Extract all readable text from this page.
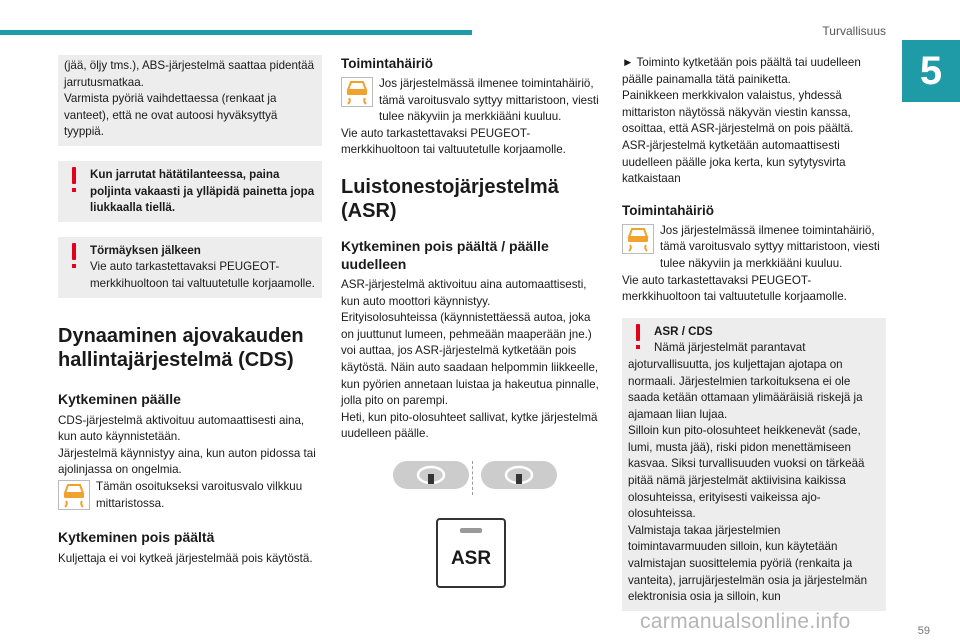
Turvallisuus
5

(jää, öljy tms.), ABS-järjestelmä saattaa pidentää jarrutusmatkaa.

Varmista pyöriä vaihdettaessa (renkaat ja vanteet), että ne ovat autoosi hyväksyttyä tyyppiä.

Kun jarrutat hätätilanteessa, paina poljinta vakaasti ja ylläpidä painetta jopa liukkaalla tiellä.

Törmäyksen jälkeen

Vie auto tarkastettavaksi PEUGEOT-merkkihuoltoon tai valtuutetulle korjaamolle.

Dynaaminen ajovakauden hallintajärjestelmä (CDS)
Kytkeminen päälle

CDS-järjestelmä aktivoituu automaattisesti aina, kun auto käynnistetään.

Järjestelmä käynnistyy aina, kun auton pidossa tai ajolinjassa on ongelmia.

Tämän osoitukseksi varoitusvalo vilkkuu mittaristossa.

Kytkeminen pois päältä

Kuljettaja ei voi kytkeä järjestelmää pois käytöstä.

Toimintahäiriö

Jos järjestelmässä ilmenee toimintahäiriö, tämä varoitusvalo syttyy mittaristoon, viesti tulee näkyviin ja merkkiääni kuuluu.

Vie auto tarkastettavaksi PEUGEOT-merkkihuoltoon tai valtuutetulle korjaamolle.

Luistonestojärjestelmä (ASR)
Kytkeminen pois päältä / päälle uudelleen

ASR-järjestelmä aktivoituu aina automaattisesti, kun auto moottori käynnistyy.

Erityisolosuhteissa (käynnistettäessä autoa, joka on juuttunut lumeen, pehmeään maaperään jne.) voi auttaa, jos ASR-järjestelmä kytketään pois käytöstä. Näin auto saadaan helpommin liikkeelle, kun pyörien annetaan luistaa ja hakeutua pinnalle, jolla pito on parempi.

Heti, kun pito-olosuhteet sallivat, kytke järjestelmä uudelleen päälle.

ASR

► Toiminto kytketään pois päältä tai uudelleen päälle painamalla tätä painiketta.

Painikkeen merkkivalon valaistus, yhdessä mittariston näytössä näkyvän viestin kanssa, osoittaa, että ASR-järjestelmä on pois päältä.

ASR-järjestelmä kytketään automaattisesti uudelleen päälle joka kerta, kun sytytysvirta katkaistaan

Toimintahäiriö

Jos järjestelmässä ilmenee toimintahäiriö, tämä varoitusvalo syttyy mittaristoon, viesti tulee näkyviin ja merkkiääni kuuluu.

Vie auto tarkastettavaksi PEUGEOT-merkkihuoltoon tai valtuutetulle korjaamolle.

ASR / CDS

Nämä järjestelmät parantavat ajoturvallisuutta, jos kuljettajan ajotapa on normaali. Järjestelmien tarkoituksena ei ole saada ketään ottamaan ylimääräisiä riskejä ja ajamaan liian lujaa.

Silloin kun pito-olosuhteet heikkenevät (sade, lumi, musta jää), riski pidon menettämiseen kasvaa. Siksi turvallisuuden vuoksi on tärkeää pitää nämä järjestelmät aktiivisina kaikissa olosuhteissa, erityisesti vaikeissa ajo-olosuhteissa.

Valmistaja takaa järjestelmien toimintavarmuuden silloin, kun käytetään valmistajan suosittelemia pyöriä (renkaita ja vanteita), jarrujärjestelmän osia ja järjestelmän elektronisia osia ja silloin, kun

carmanualsonline.info	59
